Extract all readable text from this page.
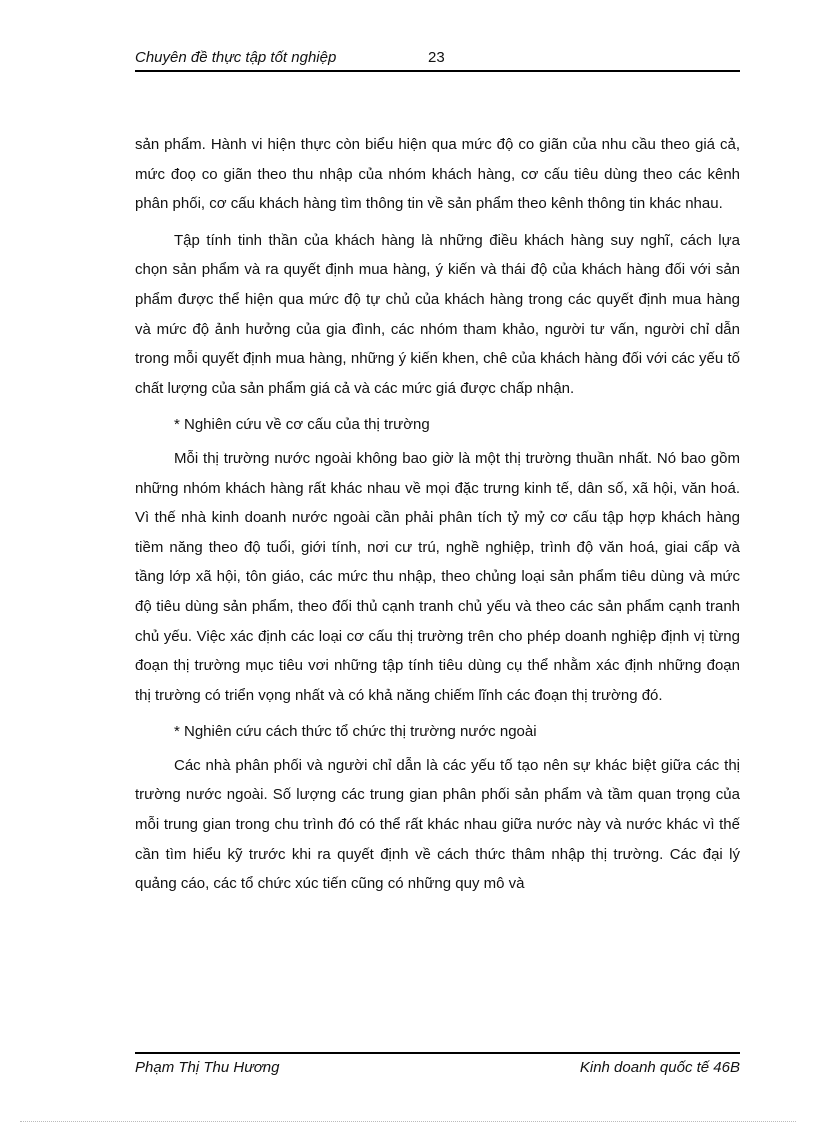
Chuyên đề thực tập tốt nghiệp	23

sản phẩm. Hành vi hiện thực còn biểu hiện qua mức độ co giãn của nhu cầu theo giá cả, mức đoọ co giãn theo thu nhập của nhóm khách hàng, cơ cấu tiêu dùng theo các kênh phân phối, cơ cấu khách hàng tìm thông tin về sản phẩm theo kênh thông tin khác nhau.

Tập tính tinh thần của khách hàng là những điều khách hàng suy nghĩ, cách lựa chọn sản phẩm và ra quyết định mua hàng, ý kiến và thái độ của khách hàng đối với sản phẩm được thể hiện qua mức độ tự chủ của khách hàng trong các quyết định mua hàng và mức độ ảnh hưởng của gia đình, các nhóm tham khảo, người tư vấn, người chỉ dẫn trong mỗi quyết định mua hàng, những ý kiến khen, chê của khách hàng đối với các yếu tố chất lượng của sản phẩm giá cả và các mức giá được chấp nhận.

* Nghiên cứu về cơ cấu của thị trường

Mỗi thị trường nước ngoài không bao giờ là một thị trường thuần nhất. Nó bao gồm những nhóm khách hàng rất khác nhau về mọi đặc trưng kinh tế, dân số, xã hội, văn hoá. Vì thế nhà kinh doanh nước ngoài cần phải phân tích tỷ mỷ cơ cấu tập hợp khách hàng tiềm năng theo độ tuổi, giới tính, nơi cư trú, nghề nghiệp, trình độ văn hoá, giai cấp và tầng lớp xã hội, tôn giáo, các mức thu nhập, theo chủng loại sản phẩm tiêu dùng và mức độ tiêu dùng sản phẩm, theo đối thủ cạnh tranh chủ yếu và theo các sản phẩm cạnh tranh chủ yếu. Việc xác định các loại cơ cấu thị trường trên cho phép doanh nghiệp định vị từng đoạn thị trường mục tiêu vơi những tập tính tiêu dùng cụ thể nhằm xác định những đoạn thị trường có triển vọng nhất và có khả năng chiếm lĩnh các đoạn thị trường đó.

* Nghiên cứu cách thức tổ chức thị trường nước ngoài

Các nhà phân phối và người chỉ dẫn là các yếu tố tạo nên sự khác biệt giữa các thị trường nước ngoài. Số lượng các trung gian phân phối sản phẩm và tầm quan trọng của mỗi trung gian trong chu trình đó có thể rất khác nhau giữa nước này và nước khác vì thế cần tìm hiểu kỹ trước khi ra quyết định về cách thức thâm nhập thị trường. Các đại lý quảng cáo, các tổ chức xúc tiến cũng có những quy mô và

Phạm Thị Thu Hương	Kinh doanh quốc tế 46B
